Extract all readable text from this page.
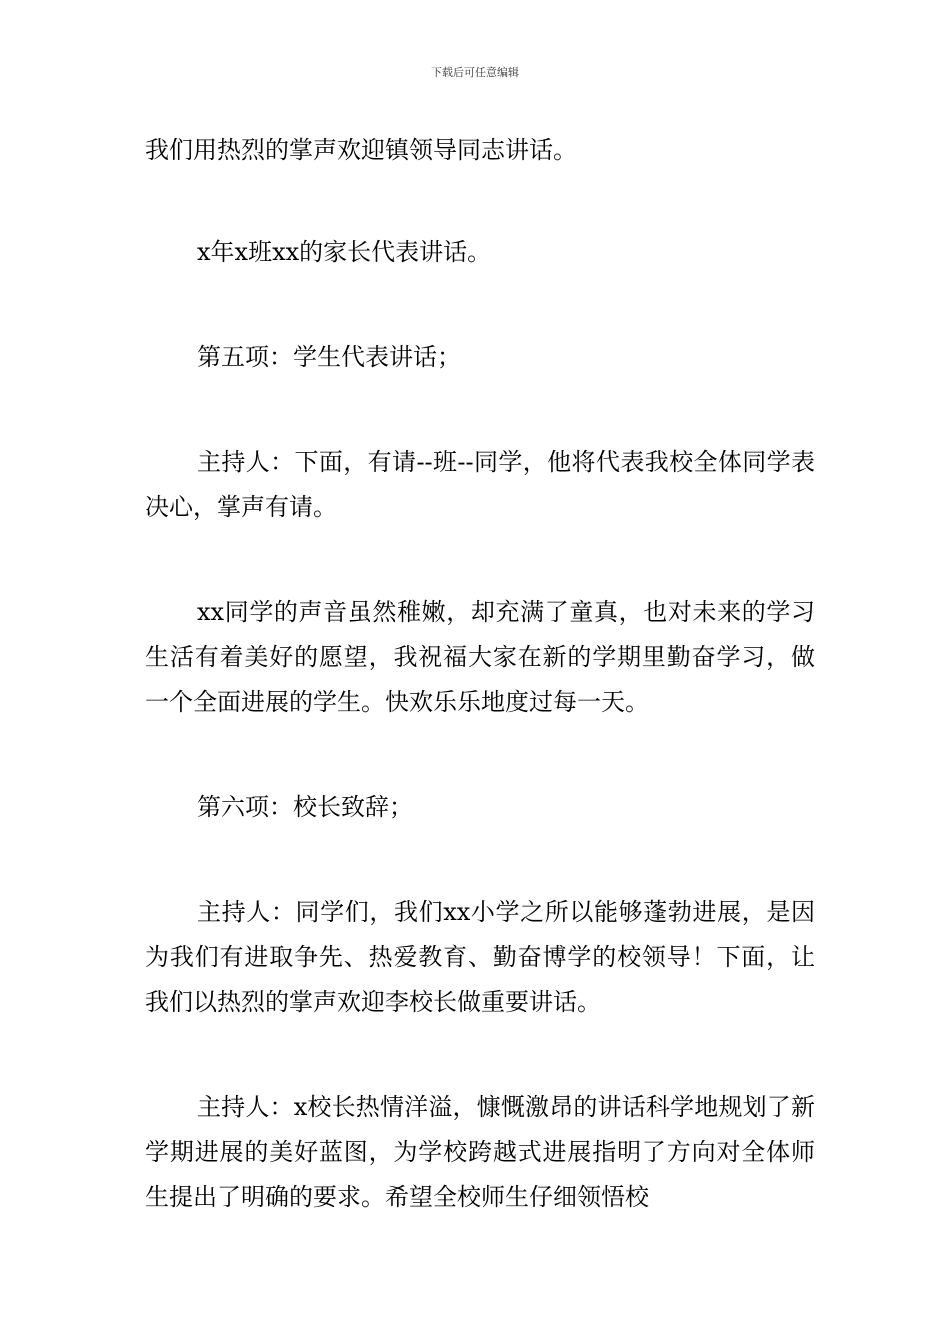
下载后可任意编辑

我们用热烈的掌声欢迎镇领导同志讲话。

x年x班xx的家长代表讲话。

第五项：学生代表讲话；

主持人：下面，有请--班--同学，他将代表我校全体同学表决心，掌声有请。

xx同学的声音虽然稚嫩，却充满了童真，也对未来的学习生活有着美好的愿望，我祝福大家在新的学期里勤奋学习，做一个全面进展的学生。快欢乐乐地度过每一天。

第六项：校长致辞；

主持人：同学们，我们xx小学之所以能够蓬勃进展，是因为我们有进取争先、热爱教育、勤奋博学的校领导！下面，让我们以热烈的掌声欢迎李校长做重要讲话。

主持人：x校长热情洋溢，慷慨激昂的讲话科学地规划了新学期进展的美好蓝图，为学校跨越式进展指明了方向对全体师生提出了明确的要求。希望全校师生仔细领悟校
